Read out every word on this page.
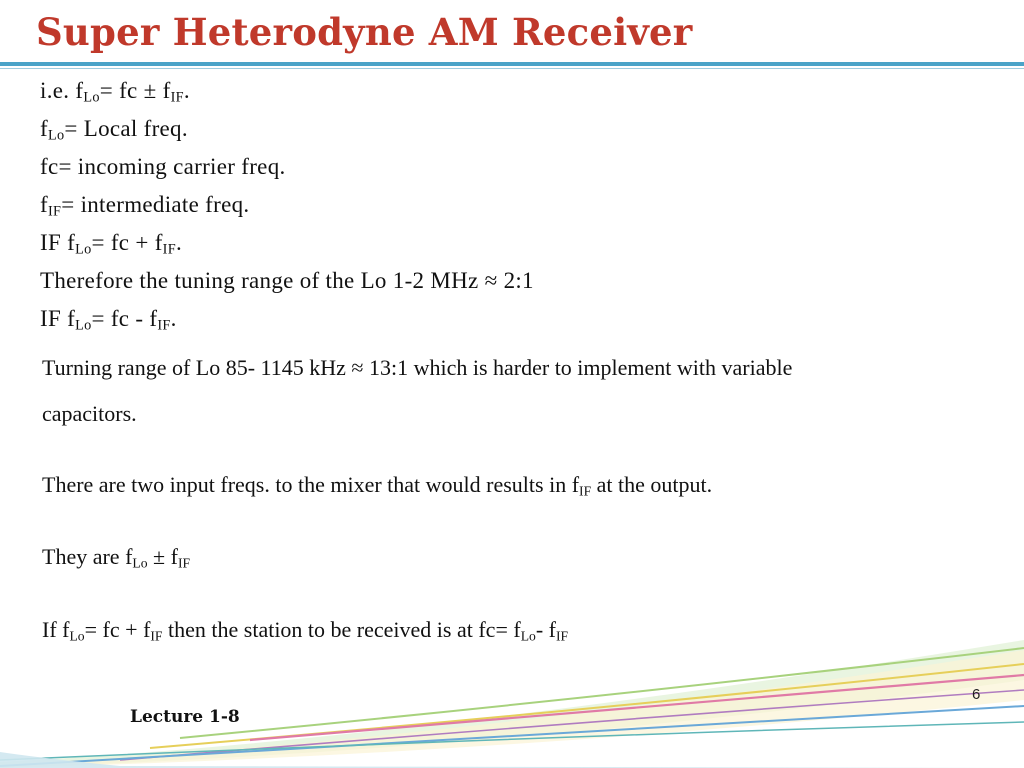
Super Heterodyne AM Receiver
i.e. $f_{Lo}=$ fc ± $f_{IF}$.
$f_{Lo}=$ Local freq.
fc= incoming carrier freq.
$f_{IF}=$ intermediate freq.
IF $f_{Lo}=$ fc + $f_{IF}$.
Therefore the tuning range of the Lo 1-2 MHz ≈ 2:1
IF $f_{Lo}=$ fc - $f_{IF}$.
Turning range of Lo 85- 1145 kHz ≈ 13:1 which is harder to implement with variable
capacitors.
There are two input freqs. to the mixer that would results in $f_{IF}$ at the output.
They are $f_{Lo} \pm f_{IF}$
If $f_{Lo}=$ fc + $f_{IF}$ then the station to be received is at $fc= f_{Lo}-$ $f_{IF}$
Lecture 1-8
6
